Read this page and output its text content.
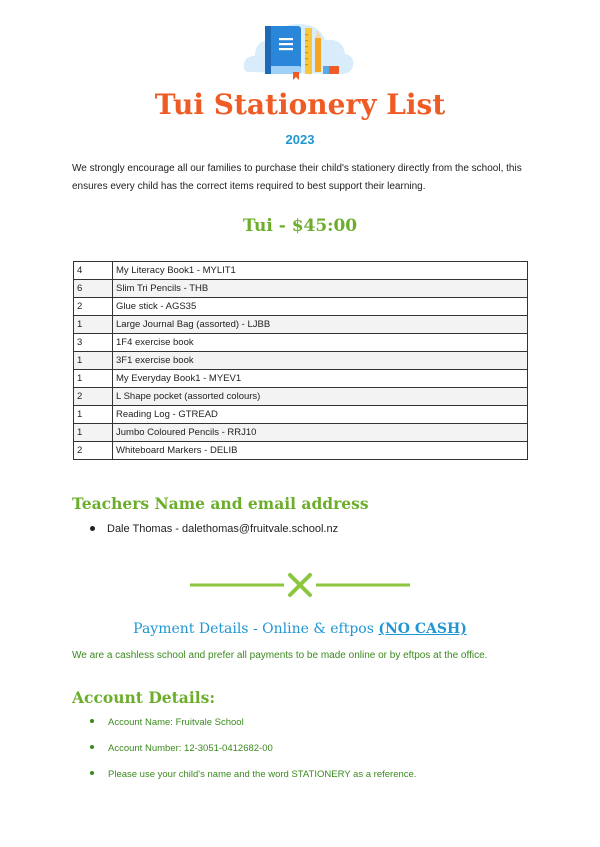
Tui Stationery List
2023
We strongly encourage all our families to purchase their child's stationery directly from the school, this ensures every child has the correct items required to best support their learning.
Tui - $45:00
4	My Literacy Book1 - MYLIT1
6	Slim Tri Pencils - THB
2	Glue stick - AGS35
1	Large Journal Bag (assorted) - LJBB
3	1F4 exercise book
1	3F1 exercise book
1	My Everyday Book1 - MYEV1
2	L Shape pocket (assorted colours)
1	Reading Log - GTREAD
1	Jumbo Coloured Pencils - RRJ10
2	Whiteboard Markers - DELIB
Teachers Name and email address
Dale Thomas - dalethomas@fruitvale.school.nz
Payment Details - Online & eftpos (NO CASH)
We are a cashless school and prefer all payments to be made online or by eftpos at the office.
Account Details:
Account Name: Fruitvale School
Account Number: 12-3051-0412682-00
Please use your child's name and the word STATIONERY as a reference.
